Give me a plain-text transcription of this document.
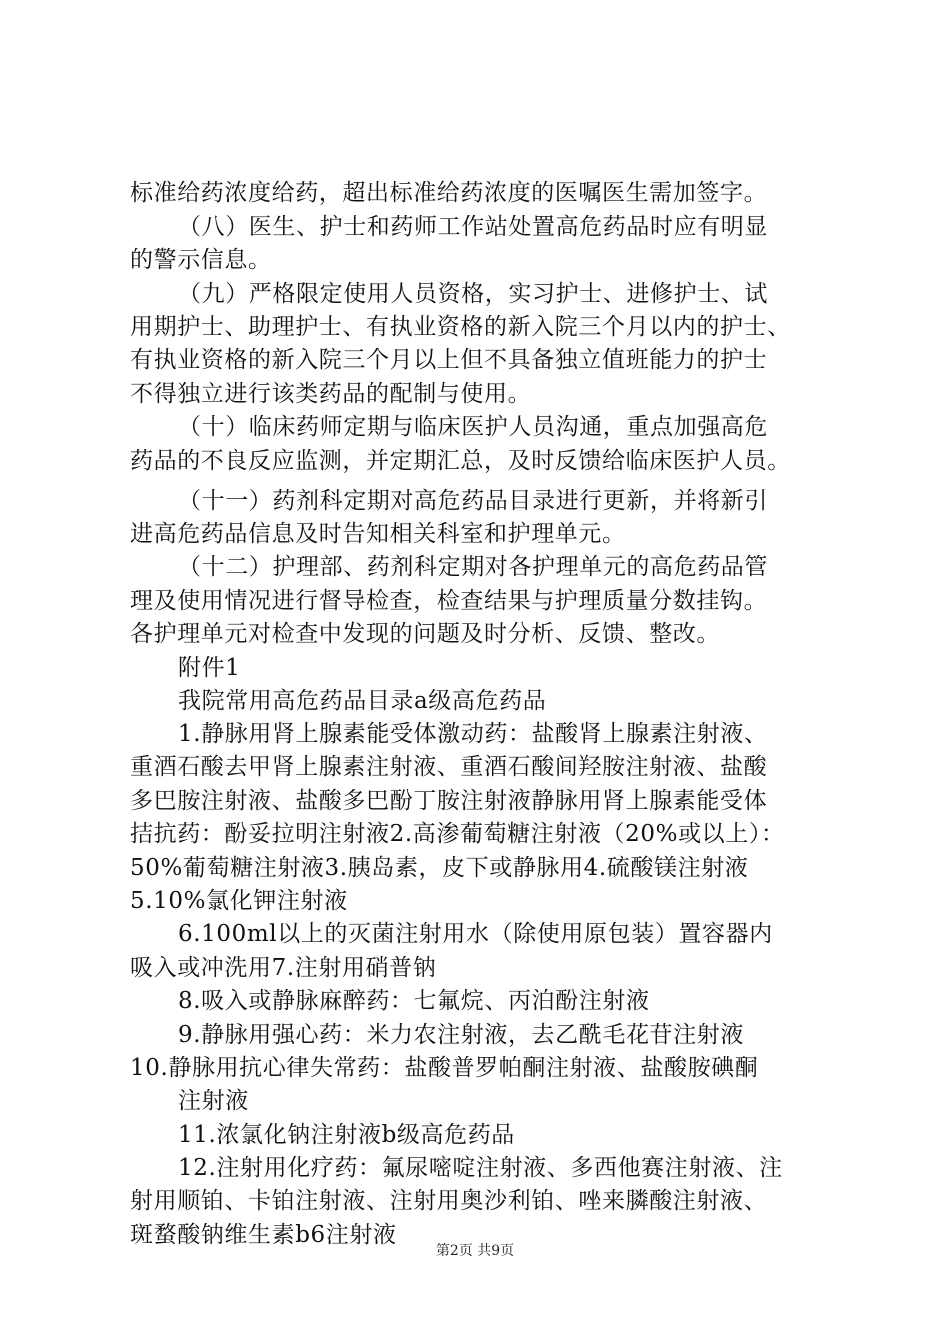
标准给药浓度给药，超出标准给药浓度的医嘱医生需加签字。
（八）医生、护士和药师工作站处置高危药品时应有明显
的警示信息。
（九）严格限定使用人员资格，实习护士、进修护士、试
用期护士、助理护士、有执业资格的新入院三个月以内的护士、
有执业资格的新入院三个月以上但不具备独立值班能力的护士
不得独立进行该类药品的配制与使用。
（十）临床药师定期与临床医护人员沟通，重点加强高危
药品的不良反应监测，并定期汇总，及时反馈给临床医护人员。
（十一）药剂科定期对高危药品目录进行更新，并将新引
进高危药品信息及时告知相关科室和护理单元。
（十二）护理部、药剂科定期对各护理单元的高危药品管
理及使用情况进行督导检查，检查结果与护理质量分数挂钩。
各护理单元对检查中发现的问题及时分析、反馈、整改。
附件1
我院常用高危药品目录a级高危药品
1.静脉用肾上腺素能受体激动药：盐酸肾上腺素注射液、
重酒石酸去甲肾上腺素注射液、重酒石酸间羟胺注射液、盐酸
多巴胺注射液、盐酸多巴酚丁胺注射液静脉用肾上腺素能受体
拮抗药：酚妥拉明注射液2.高渗葡萄糖注射液（20%或以上）：
50%葡萄糖注射液3.胰岛素，皮下或静脉用4.硫酸镁注射液
5.10%氯化钾注射液
6.100ml以上的灭菌注射用水（除使用原包装）置容器内
吸入或冲洗用7.注射用硝普钠
8.吸入或静脉麻醉药：七氟烷、丙泊酚注射液
9.静脉用强心药：米力农注射液，去乙酰毛花苷注射液
10.静脉用抗心律失常药：盐酸普罗帕酮注射液、盐酸胺碘酮
注射液
11.浓氯化钠注射液b级高危药品
12.注射用化疗药：氟尿嘧啶注射液、多西他赛注射液、注
射用顺铂、卡铂注射液、注射用奥沙利铂、唑来膦酸注射液、
斑蝥酸钠维生素b6注射液
第2页 共9页
